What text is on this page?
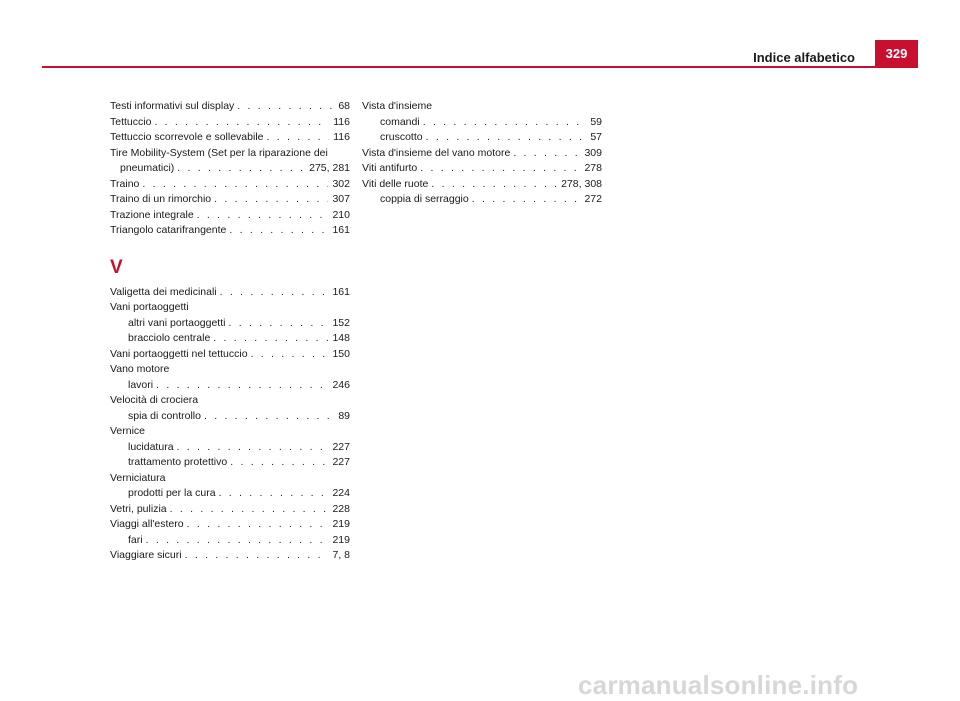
Indice alfabetico	329
Testi informativi sul display . . .	68
Tettuccio . . .	116
Tettuccio scorrevole e sollevabile . . .	116
Tire Mobility-System (Set per la riparazione dei
pneumatici) . . .	275, 281
Traino . . .	302
Traino di un rimorchio . . .	307
Trazione integrale . . .	210
Triangolo catarifrangente . . .	161
V
Valigetta dei medicinali . . .	161
Vani portaoggetti
altri vani portaoggetti . . .	152
bracciolo centrale . . .	148
Vani portaoggetti nel tettuccio . . .	150
Vano motore
lavori . . .	246
Velocità di crociera
spia di controllo . . .	89
Vernice
lucidatura . . .	227
trattamento protettivo . . .	227
Verniciatura
prodotti per la cura . . .	224
Vetri, pulizia . . .	228
Viaggi all'estero . . .	219
fari . . .	219
Viaggiare sicuri . . .	7, 8
Vista d'insieme
comandi . . .	59
cruscotto . . .	57
Vista d'insieme del vano motore . . .	309
Viti antifurto . . .	278
Viti delle ruote . . .	278, 308
coppia di serraggio . . .	272
carmanualsonline.info
